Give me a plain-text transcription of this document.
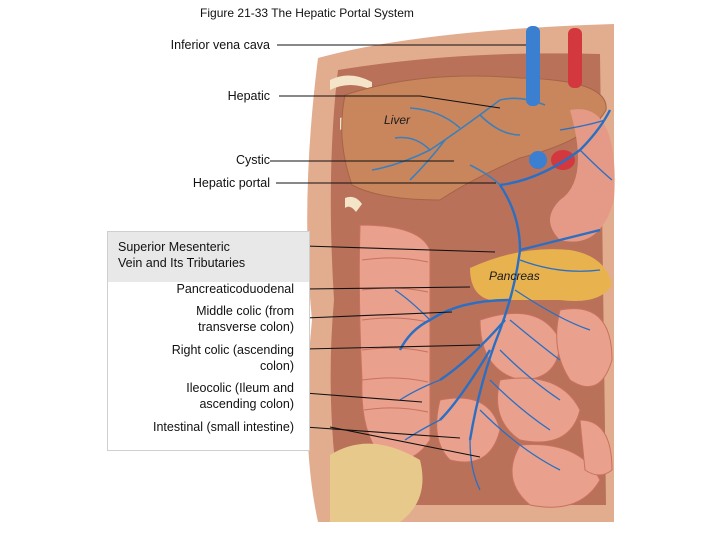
Figure 21-33 The Hepatic Portal System
Inferior vena cava
Hepatic
Cystic
Hepatic portal
Liver
Pancreas
Superior Mesenteric
Vein and Its Tributaries
Pancreaticoduodenal
Middle colic (from
transverse colon)
Right colic (ascending
colon)
Ileocolic (Ileum and
ascending colon)
Intestinal (small intestine)
